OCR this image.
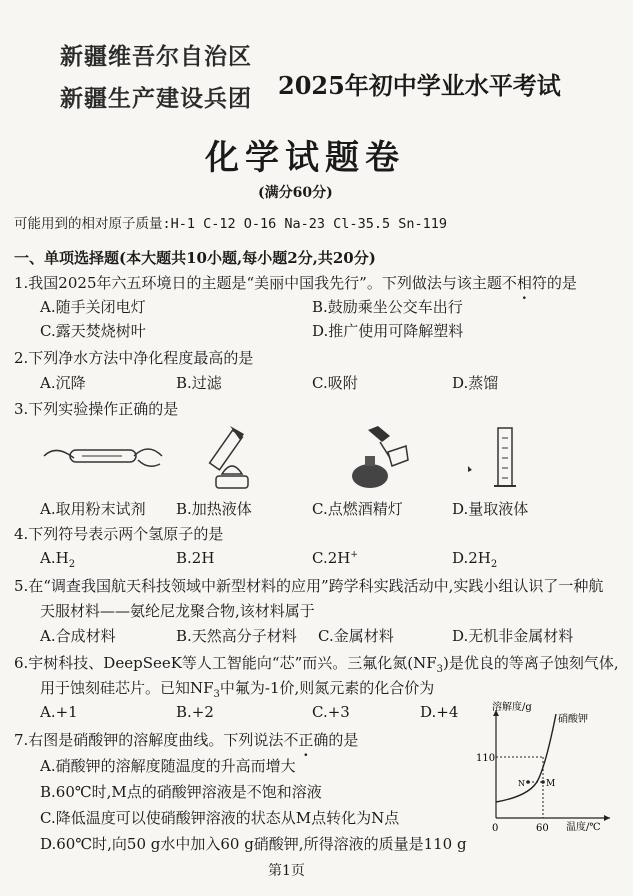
新疆维吾尔自治区
新疆生产建设兵团 2025年初中学业水平考试
化学试题卷
(满分60分)
可能用到的相对原子质量:H-1 C-12 O-16 Na-23 Cl-35.5 Sn-119
一、单项选择题(本大题共10小题,每小题2分,共20分)
1.我国2025年六五环境日的主题是“美丽中国我先行”。下列做法与该主题不相符的是
A.随手关闭电灯	B.鼓励乘坐公交车出行
C.露天焚烧树叶	D.推广使用可降解塑料
2.下列净水方法中净化程度最高的是
A.沉降	B.过滤	C.吸附	D.蒸馏
3.下列实验操作正确的是
A.取用粉末试剂 B.加热液体	C.点燃酒精灯	D.量取液体
4.下列符号表示两个氢原子的是
$A.H_2$	B.2H	C.2H+	$D.2H_2$
5.在“调查我国航天科技领域中新型材料的应用”跨学科实践活动中,实践小组认识了一种航
天服材料——氨纶尼龙聚合物,该材料属于
A.合成材料	B.天然高分子材料 C.金属材料	D.无机非金属材料
6.宇树科技、DeepSeeK等人工智能向“芯”而兴。三氟化氮$(NF_3)$是优良的等离子蚀刻气体,
用于蚀刻硅芯片。已知$NF_3$中氟为-1价,则氮元素的化合价为
A.+1	B.+2	C.+3	D.+4
7.右图是硝酸钾的溶解度曲线。下列说法不正确的是
A.硝酸钾的溶解度随温度的升高而增大
B.60℃时,M点的硝酸钾溶液是不饱和溶液
C.降低温度可以使硝酸钾溶液的状态从M点转化为N点
D.60℃时,向50 g水中加入60 g硝酸钾,所得溶液的质量是110 g
溶解度/g
硝酸钾
110
60
0
N M
温度/℃
第1页
